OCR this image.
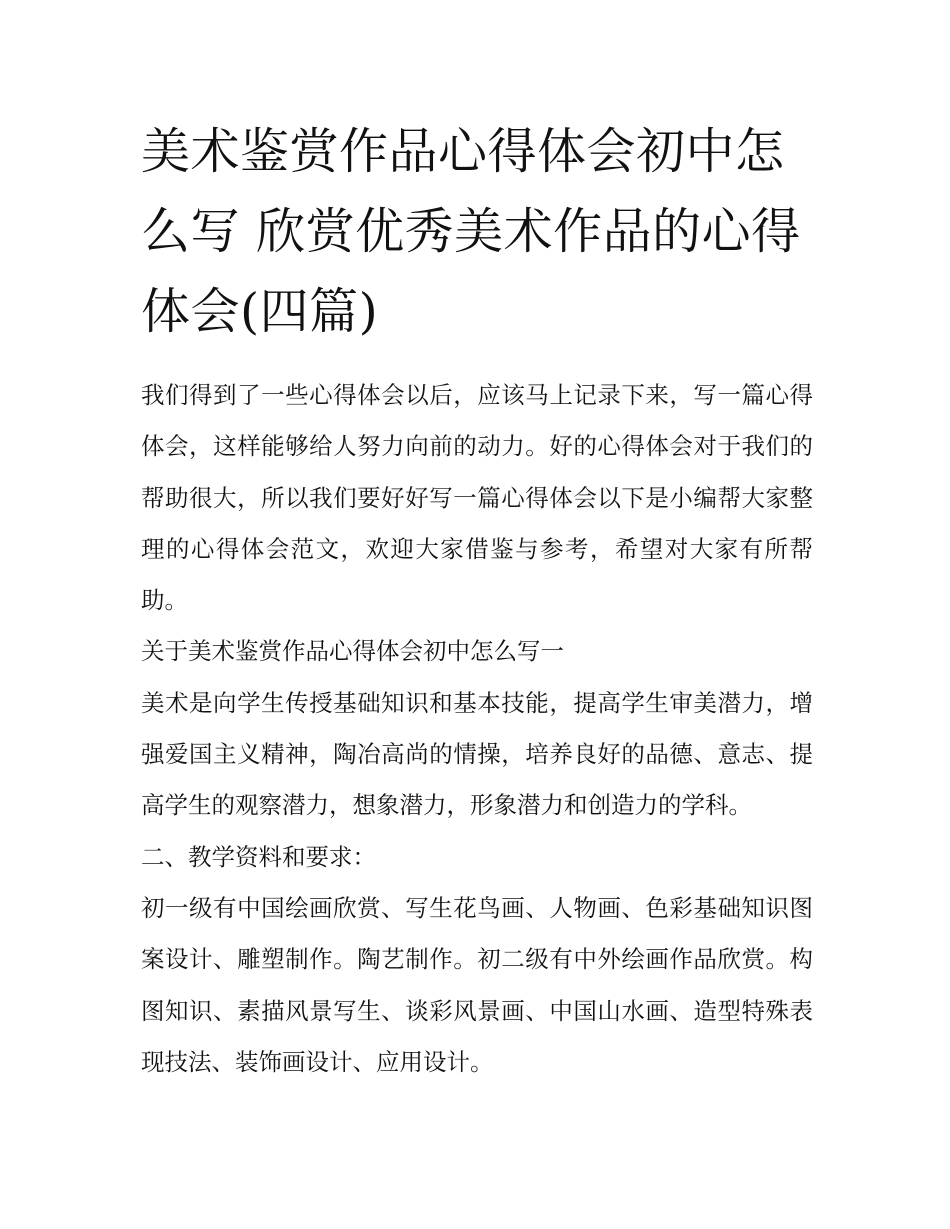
美术鉴赏作品心得体会初中怎么写 欣赏优秀美术作品的心得体会(四篇)

我们得到了一些心得体会以后，应该马上记录下来，写一篇心得体会，这样能够给人努力向前的动力。好的心得体会对于我们的帮助很大，所以我们要好好写一篇心得体会以下是小编帮大家整理的心得体会范文，欢迎大家借鉴与参考，希望对大家有所帮助。

关于美术鉴赏作品心得体会初中怎么写一

美术是向学生传授基础知识和基本技能，提高学生审美潜力，增强爱国主义精神，陶冶高尚的情操，培养良好的品德、意志、提高学生的观察潜力，想象潜力，形象潜力和创造力的学科。

二、教学资料和要求：

初一级有中国绘画欣赏、写生花鸟画、人物画、色彩基础知识图案设计、雕塑制作。陶艺制作。初二级有中外绘画作品欣赏。构图知识、素描风景写生、谈彩风景画、中国山水画、造型特殊表现技法、装饰画设计、应用设计。
